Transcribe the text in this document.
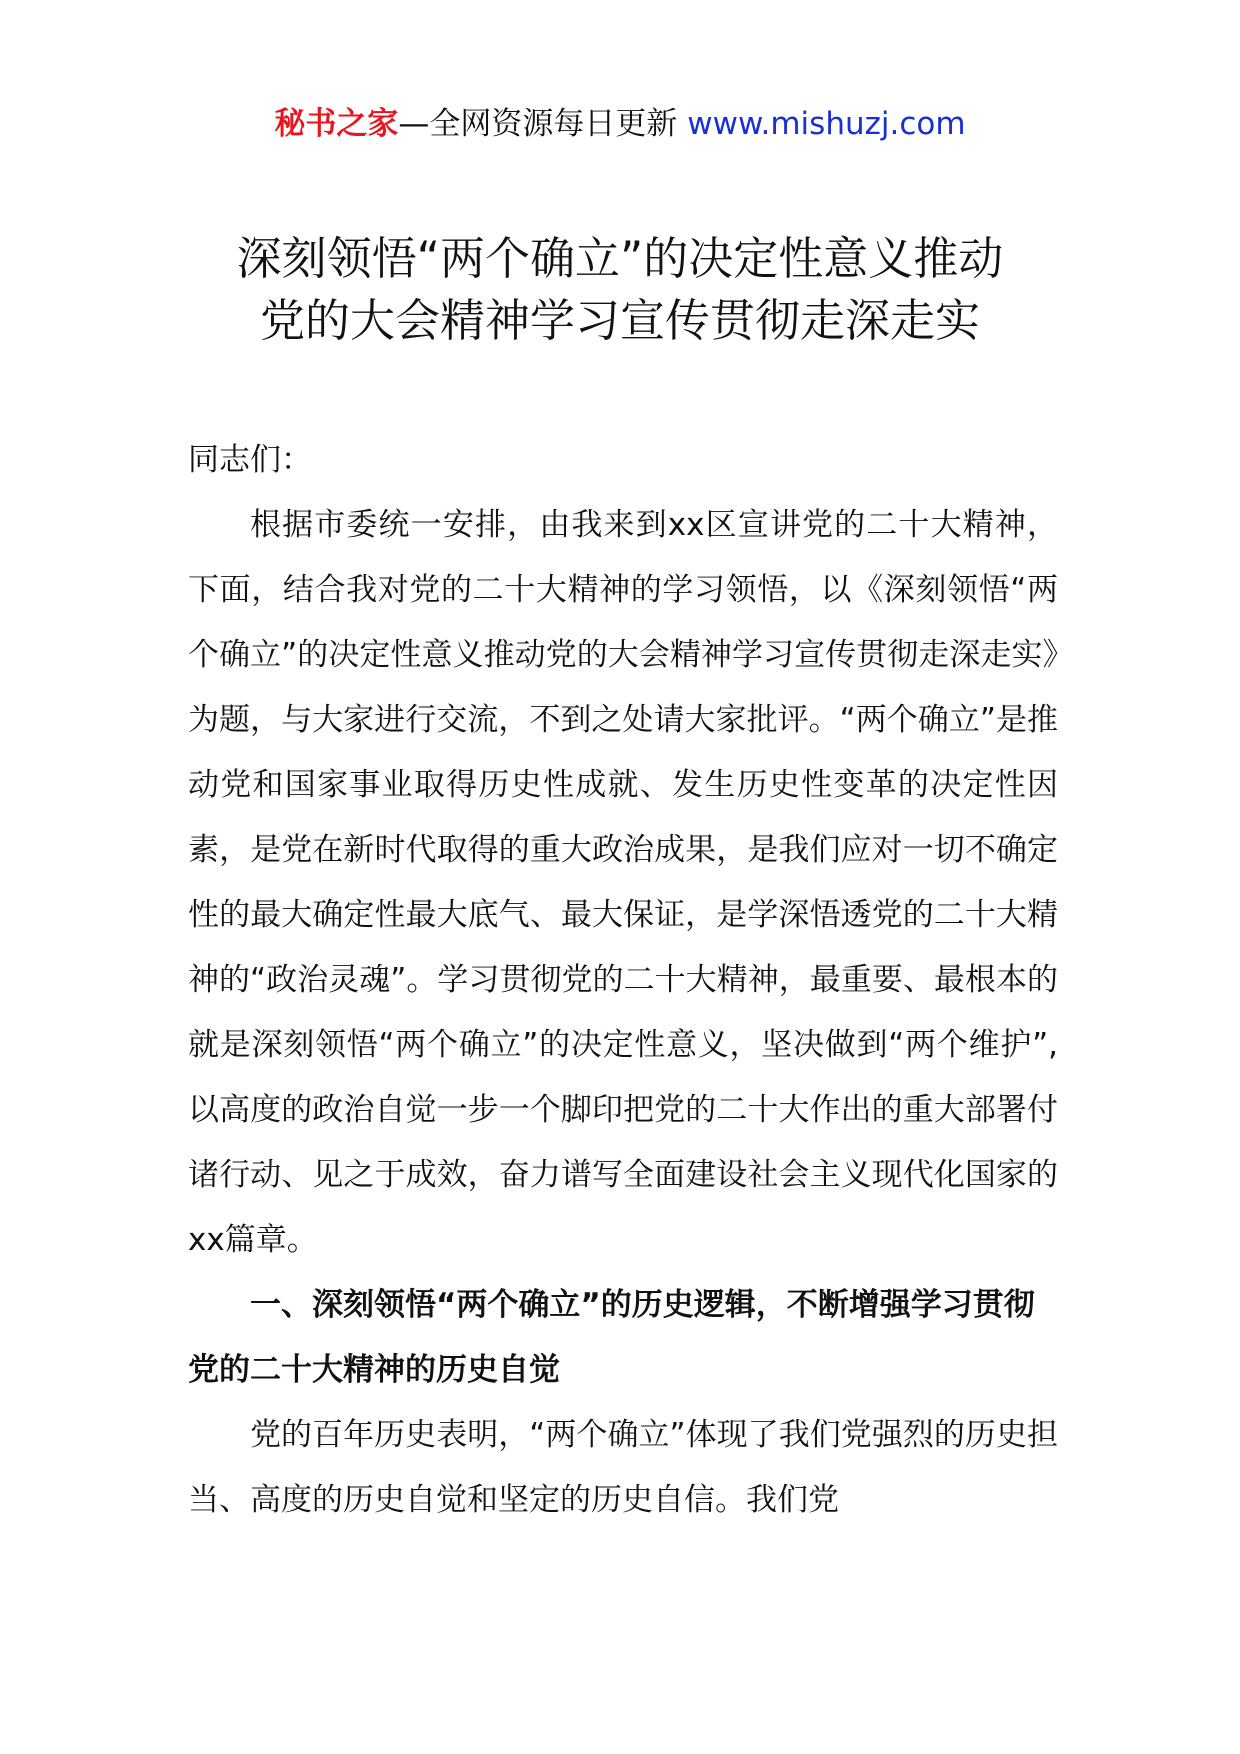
秘书之家—全网资源每日更新 www.mishuzj.com
深刻领悟“两个确立”的决定性意义推动
党的大会精神学习宣传贯彻走深走实

同志们：

根据市委统一安排，由我来到xx区宣讲党的二十大精神，下面，结合我对党的二十大精神的学习领悟，以《深刻领悟“两个确立”的决定性意义推动党的大会精神学习宣传贯彻走深走实》为题，与大家进行交流，不到之处请大家批评。“两个确立”是推动党和国家事业取得历史性成就、发生历史性变革的决定性因素，是党在新时代取得的重大政治成果，是我们应对一切不确定性的最大确定性最大底气、最大保证，是学深悟透党的二十大精神的“政治灵魂”。学习贯彻党的二十大精神，最重要、最根本的就是深刻领悟“两个确立”的决定性意义，坚决做到“两个维护”,以高度的政治自觉一步一个脚印把党的二十大作出的重大部署付诸行动、见之于成效，奋力谱写全面建设社会主义现代化国家的xx篇章。

一、深刻领悟“两个确立”的历史逻辑，不断增强学习贯彻党的二十大精神的历史自觉

党的百年历史表明，“两个确立”体现了我们党强烈的历史担当、高度的历史自觉和坚定的历史自信。我们党
